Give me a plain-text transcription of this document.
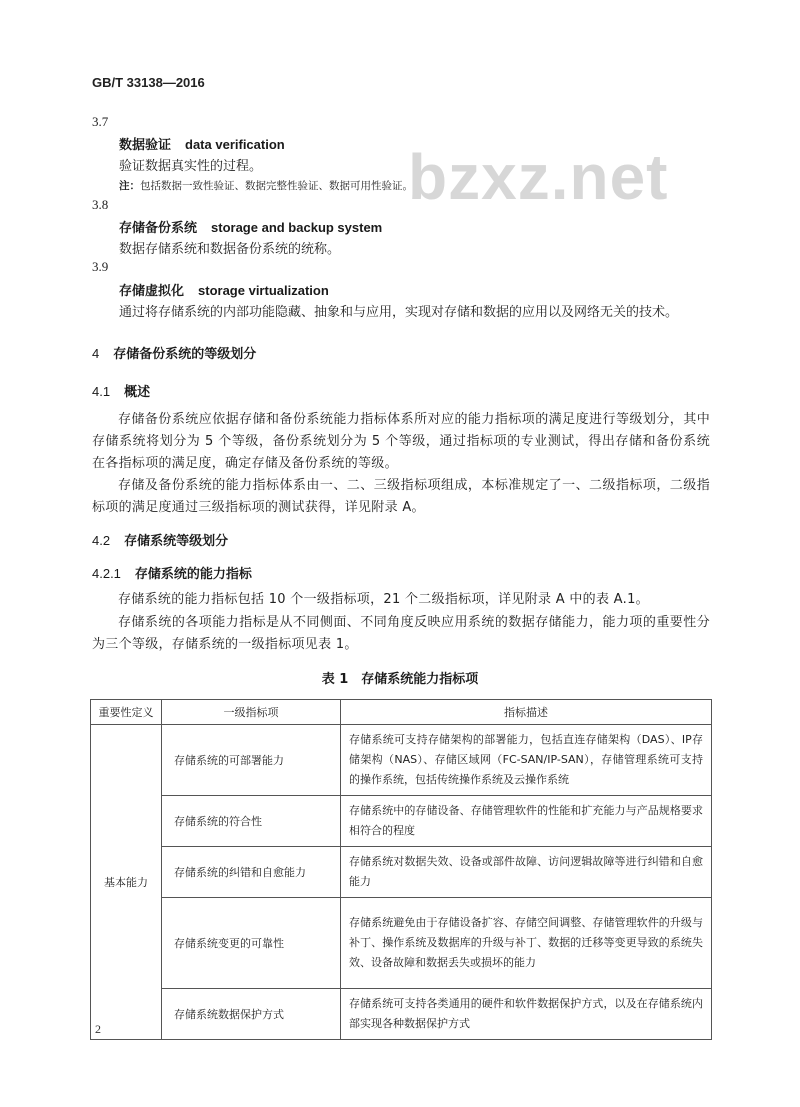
GB/T 33138—2016
bzxz.net
3.7
数据验证 data verification
验证数据真实性的过程。
注：包括数据一致性验证、数据完整性验证、数据可用性验证。
3.8
存储备份系统 storage and backup system
数据存储系统和数据备份系统的统称。
3.9
存储虚拟化 storage virtualization
通过将存储系统的内部功能隐藏、抽象和与应用，实现对存储和数据的应用以及网络无关的技术。
4 存储备份系统的等级划分
4.1 概述
存储备份系统应依据存储和备份系统能力指标体系所对应的能力指标项的满足度进行等级划分，其中存储系统将划分为 5 个等级，备份系统划分为 5 个等级，通过指标项的专业测试，得出存储和备份系统在各指标项的满足度，确定存储及备份系统的等级。
存储及备份系统的能力指标体系由一、二、三级指标项组成，本标准规定了一、二级指标项，二级指标项的满足度通过三级指标项的测试获得，详见附录 A。
4.2 存储系统等级划分
4.2.1 存储系统的能力指标
存储系统的能力指标包括 10 个一级指标项，21 个二级指标项，详见附录 A 中的表 A.1。
存储系统的各项能力指标是从不同侧面、不同角度反映应用系统的数据存储能力，能力项的重要性分为三个等级，存储系统的一级指标项见表 1。
表 1　存储系统能力指标项
重要性定义	一级指标项	指标描述
基本能力	存储系统的可部署能力	存储系统可支持存储架构的部署能力，包括直连存储架构（DAS）、IP存储架构（NAS）、存储区域网（FC-SAN/IP-SAN），存储管理系统可支持的操作系统，包括传统操作系统及云操作系统
	存储系统的符合性	存储系统中的存储设备、存储管理软件的性能和扩充能力与产品规格要求相符合的程度
	存储系统的纠错和自愈能力	存储系统对数据失效、设备或部件故障、访问逻辑故障等进行纠错和自愈能力
	存储系统变更的可靠性	存储系统避免由于存储设备扩容、存储空间调整、存储管理软件的升级与补丁、操作系统及数据库的升级与补丁、数据的迁移等变更导致的系统失效、设备故障和数据丢失或损坏的能力
	存储系统数据保护方式	存储系统可支持各类通用的硬件和软件数据保护方式，以及在存储系统内部实现各种数据保护方式
2
